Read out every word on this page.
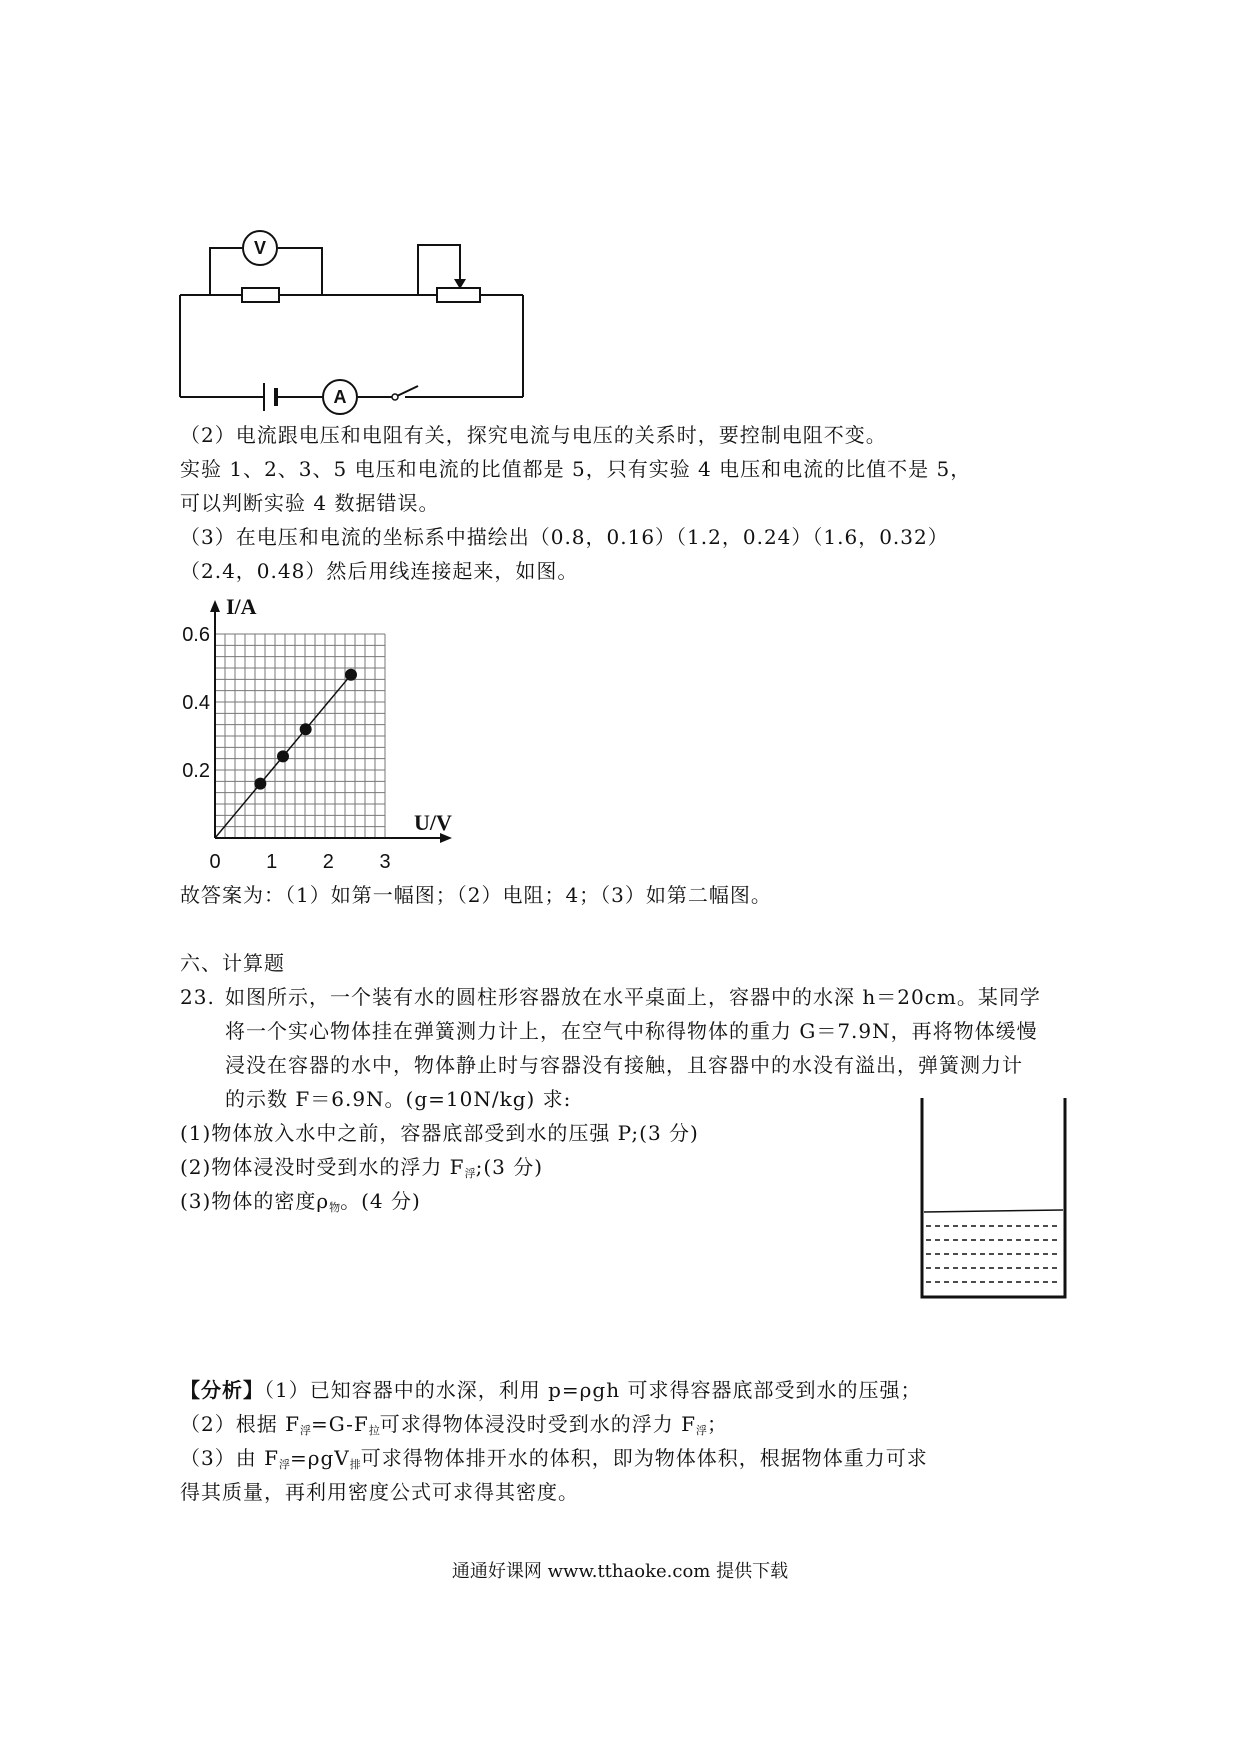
V
A
（2）电流跟电压和电阻有关，探究电流与电压的关系时，要控制电阻不变。
实验 1、2、3、5 电压和电流的比值都是 5，只有实验 4 电压和电流的比值不是 5，
可以判断实验 4 数据错误。
（3）在电压和电流的坐标系中描绘出（0.8，0.16）（1.2，0.24）（1.6，0.32）
（2.4，0.48）然后用线连接起来，如图。
0 1 2 3
0.2
0.4
0.6
I/A
U/V
故答案为：（1）如第一幅图；（2）电阻；4；（3）如第二幅图。
六、计算题
23. 如图所示，一个装有水的圆柱形容器放在水平桌面上，容器中的水深 h＝20cm。某同学
将一个实心物体挂在弹簧测力计上，在空气中称得物体的重力 G＝7.9N，再将物体缓慢
浸没在容器的水中，物体静止时与容器没有接触，且容器中的水没有溢出，弹簧测力计
的示数 F＝6.9N。(g=10N/kg) 求:
(1)物体放入水中之前，容器底部受到水的压强 P;(3 分)
(2)物体浸没时受到水的浮力 $F_浮;(3$ 分)
(3)物体的密度$\rho_物$。(4 分)
【分析】（1）已知容器中的水深，利用 p=ρgh 可求得容器底部受到水的压强；
（2）根据 $F_浮=G-F_拉$可求得物体浸没时受到水的浮力 $F_浮$；
（3）由 $F_浮=\rho gV_排$可求得物体排开水的体积，即为物体体积，根据物体重力可求
得其质量，再利用密度公式可求得其密度。
通通好课网 www.tthaoke.com 提供下载
